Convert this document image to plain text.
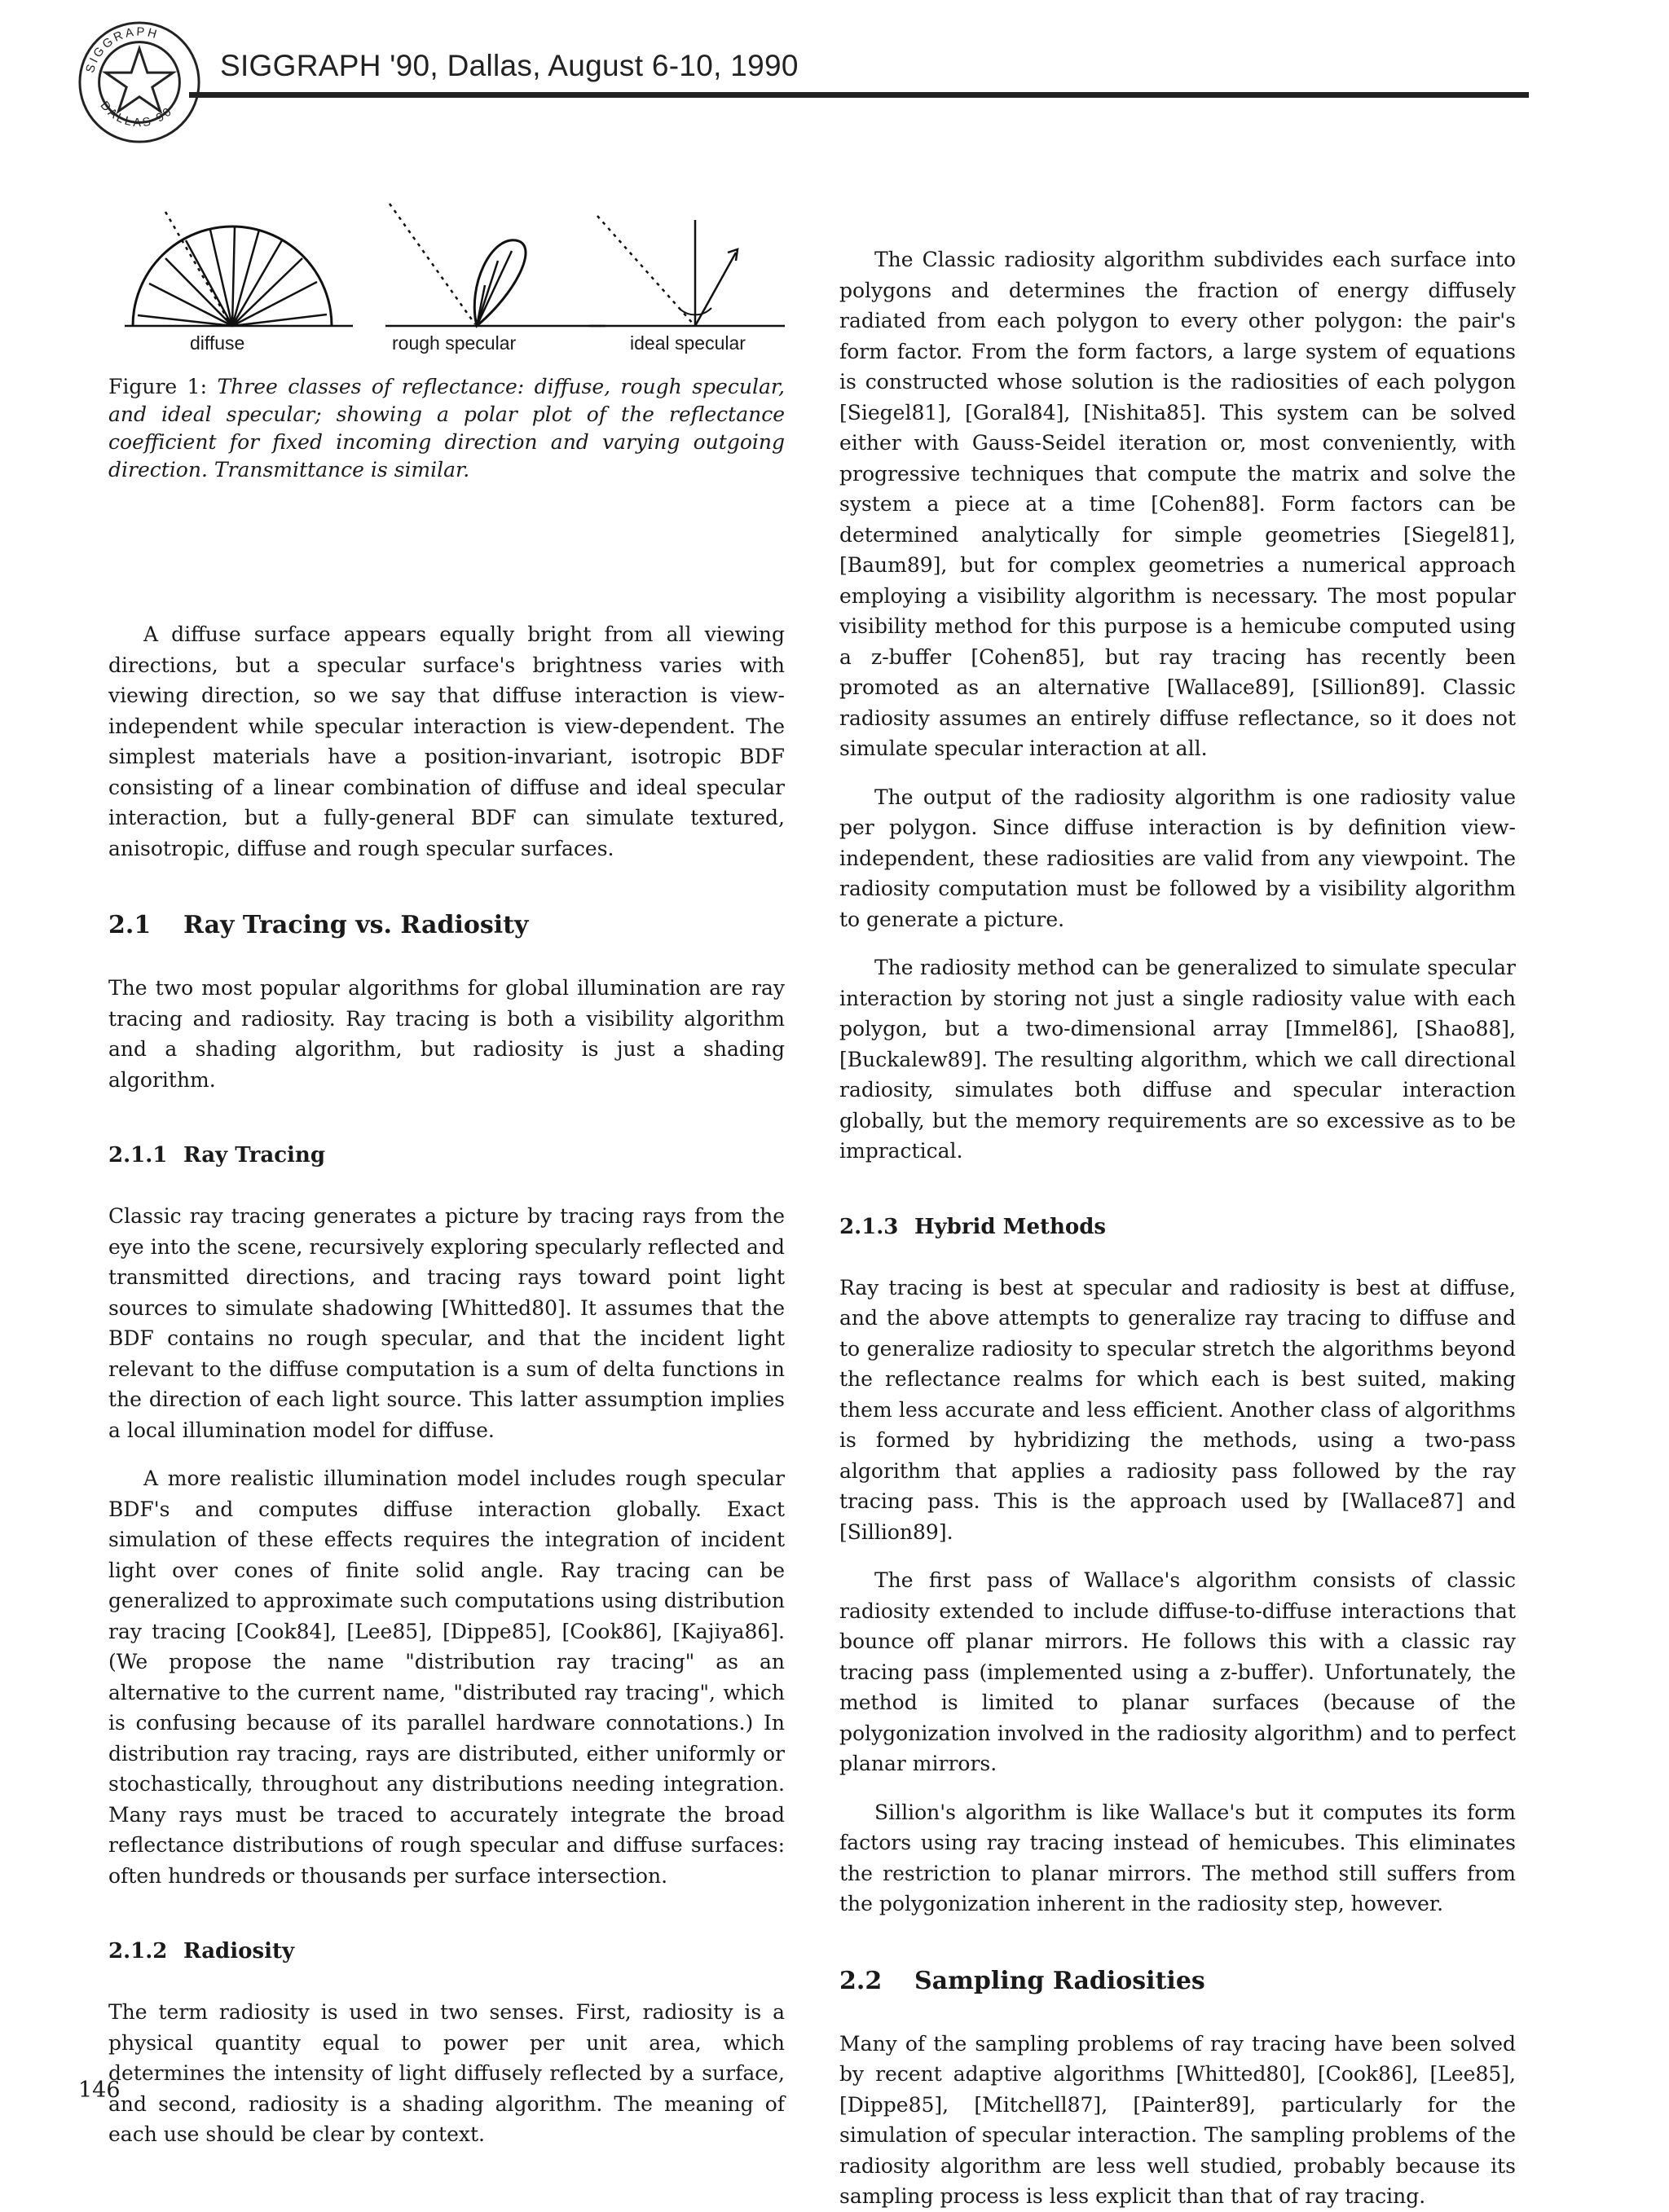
SIGGRAPH
DALLAS 90
SIGGRAPH '90, Dallas, August 6-10, 1990
diffuse	rough specular	ideal specular
Figure 1: Three classes of reflectance: diffuse, rough specular, and ideal specular; showing a polar plot of the reflectance coefficient for fixed incoming direction and varying outgoing direction. Transmittance is similar.

A diffuse surface appears equally bright from all viewing directions, but a specular surface's brightness varies with viewing direction, so we say that diffuse interaction is view-independent while specular interaction is view-dependent. The simplest materials have a position-invariant, isotropic BDF consisting of a linear combination of diffuse and ideal specular interaction, but a fully-general BDF can simulate textured, anisotropic, diffuse and rough specular surfaces.

2.1 Ray Tracing vs. Radiosity

The two most popular algorithms for global illumination are ray tracing and radiosity. Ray tracing is both a visibility algorithm and a shading algorithm, but radiosity is just a shading algorithm.

2.1.1 Ray Tracing

Classic ray tracing generates a picture by tracing rays from the eye into the scene, recursively exploring specularly reflected and transmitted directions, and tracing rays toward point light sources to simulate shadowing [Whitted80]. It assumes that the BDF contains no rough specular, and that the incident light relevant to the diffuse computation is a sum of delta functions in the direction of each light source. This latter assumption implies a local illumination model for diffuse.

A more realistic illumination model includes rough specular BDF's and computes diffuse interaction globally. Exact simulation of these effects requires the integration of incident light over cones of finite solid angle. Ray tracing can be generalized to approximate such computations using distribution ray tracing [Cook84], [Lee85], [Dippe85], [Cook86], [Kajiya86]. (We propose the name "distribution ray tracing" as an alternative to the current name, "distributed ray tracing", which is confusing because of its parallel hardware connotations.) In distribution ray tracing, rays are distributed, either uniformly or stochastically, throughout any distributions needing integration. Many rays must be traced to accurately integrate the broad reflectance distributions of rough specular and diffuse surfaces: often hundreds or thousands per surface intersection.

2.1.2 Radiosity

The term radiosity is used in two senses. First, radiosity is a physical quantity equal to power per unit area, which determines the intensity of light diffusely reflected by a surface, and second, radiosity is a shading algorithm. The meaning of each use should be clear by context.

The Classic radiosity algorithm subdivides each surface into polygons and determines the fraction of energy diffusely radiated from each polygon to every other polygon: the pair's form factor. From the form factors, a large system of equations is constructed whose solution is the radiosities of each polygon [Siegel81], [Goral84], [Nishita85]. This system can be solved either with Gauss-Seidel iteration or, most conveniently, with progressive techniques that compute the matrix and solve the system a piece at a time [Cohen88]. Form factors can be determined analytically for simple geometries [Siegel81], [Baum89], but for complex geometries a numerical approach employing a visibility algorithm is necessary. The most popular visibility method for this purpose is a hemicube computed using a z-buffer [Cohen85], but ray tracing has recently been promoted as an alternative [Wallace89], [Sillion89]. Classic radiosity assumes an entirely diffuse reflectance, so it does not simulate specular interaction at all.

The output of the radiosity algorithm is one radiosity value per polygon. Since diffuse interaction is by definition view-independent, these radiosities are valid from any viewpoint. The radiosity computation must be followed by a visibility algorithm to generate a picture.

The radiosity method can be generalized to simulate specular interaction by storing not just a single radiosity value with each polygon, but a two-dimensional array [Immel86], [Shao88], [Buckalew89]. The resulting algorithm, which we call directional radiosity, simulates both diffuse and specular interaction globally, but the memory requirements are so excessive as to be impractical.

2.1.3 Hybrid Methods

Ray tracing is best at specular and radiosity is best at diffuse, and the above attempts to generalize ray tracing to diffuse and to generalize radiosity to specular stretch the algorithms beyond the reflectance realms for which each is best suited, making them less accurate and less efficient. Another class of algorithms is formed by hybridizing the methods, using a two-pass algorithm that applies a radiosity pass followed by the ray tracing pass. This is the approach used by [Wallace87] and [Sillion89].

The first pass of Wallace's algorithm consists of classic radiosity extended to include diffuse-to-diffuse interactions that bounce off planar mirrors. He follows this with a classic ray tracing pass (implemented using a z-buffer). Unfortunately, the method is limited to planar surfaces (because of the polygonization involved in the radiosity algorithm) and to perfect planar mirrors.

Sillion's algorithm is like Wallace's but it computes its form factors using ray tracing instead of hemicubes. This eliminates the restriction to planar mirrors. The method still suffers from the polygonization inherent in the radiosity step, however.

2.2 Sampling Radiosities

Many of the sampling problems of ray tracing have been solved by recent adaptive algorithms [Whitted80], [Cook86], [Lee85], [Dippe85], [Mitchell87], [Painter89], particularly for the simulation of specular interaction. The sampling problems of the radiosity algorithm are less well studied, probably because its sampling process is less explicit than that of ray tracing.

146
